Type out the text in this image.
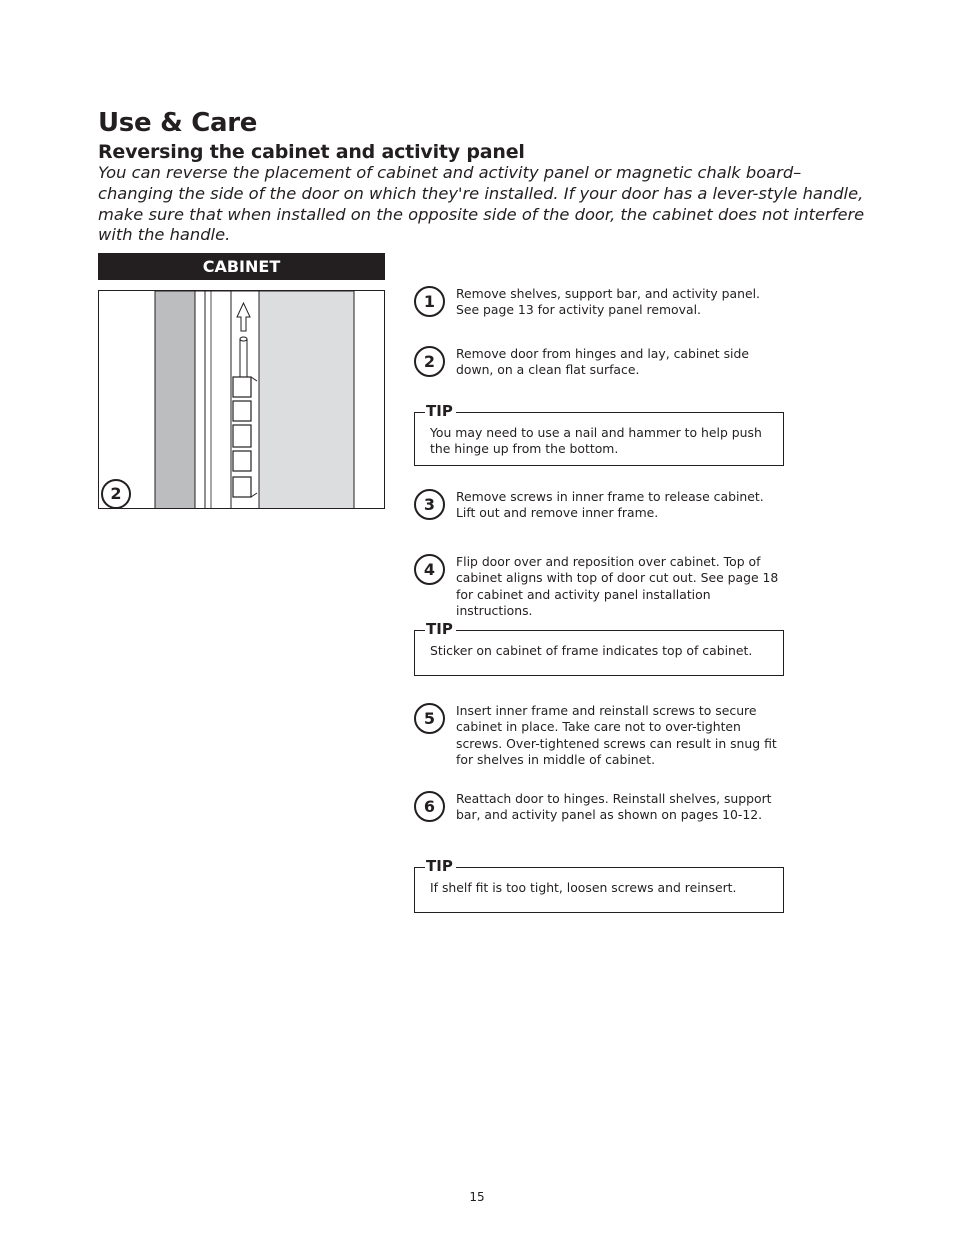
Use & Care
Reversing the cabinet and activity panel

You can reverse the placement of cabinet and activity panel or magnetic chalk board– changing the side of the door on which they're installed. If your door has a lever-style handle, make sure that when installed on the opposite side of the door, the cabinet does not interfere with the handle.

CABINET
2
1	Remove shelves, support bar, and activity panel. See page 13 for activity panel removal.

2	Remove door from hinges and lay, cabinet side down, on a clean flat surface.

TIP

You may need to use a nail and hammer to help push the hinge up from the bottom.

3	Remove screws in inner frame to release cabinet. Lift out and remove inner frame.

4	Flip door over and reposition over cabinet. Top of cabinet aligns with top of door cut out. See page 18 for cabinet and activity panel installation instructions.

TIP

Sticker on cabinet of frame indicates top of cabinet.

5	Insert inner frame and reinstall screws to secure cabinet in place. Take care not to over-tighten screws. Over-tightened screws can result in snug fit for shelves in middle of cabinet.

6	Reattach door to hinges. Reinstall shelves, support bar, and activity panel as shown on pages 10-12.

TIP

If shelf fit is too tight, loosen screws and reinsert.

15
